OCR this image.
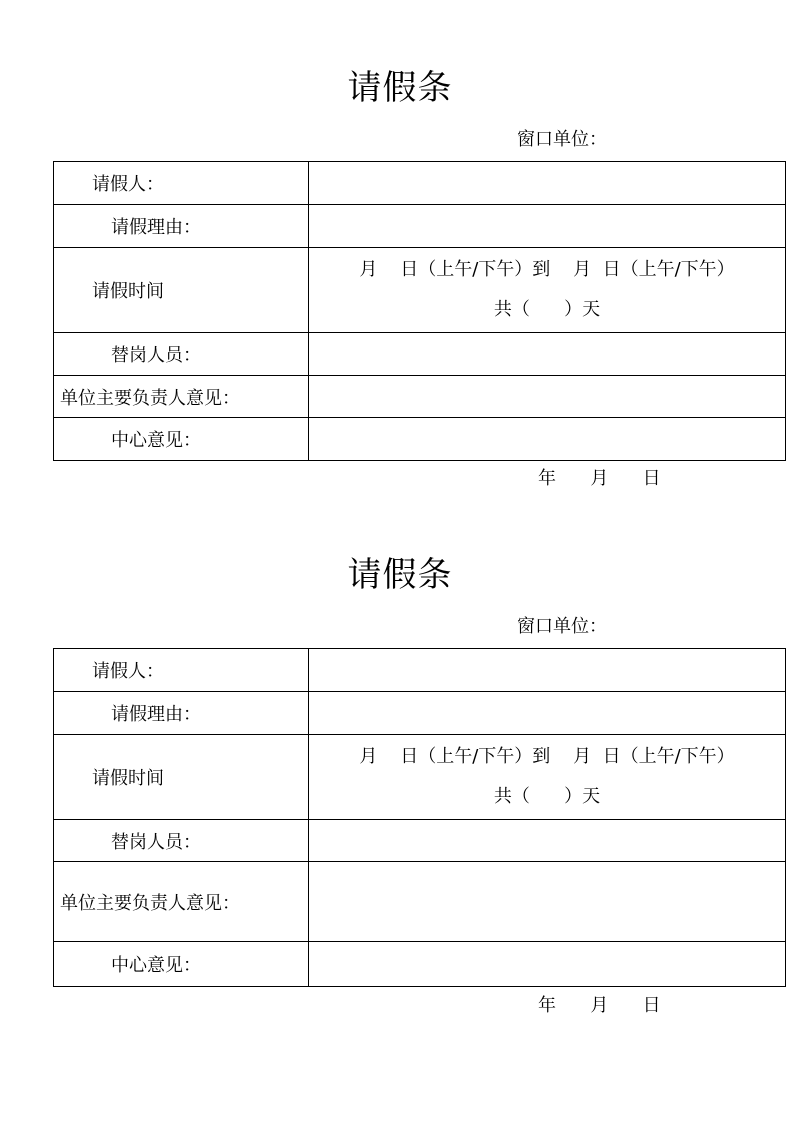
请假条
窗口单位：
请假人：	
请假理由：	
请假时间	月    日（上午/下午）到    月  日（上午/下午）
共（      ）天

替岗人员：	
单位主要负责人意见：	
中心意见：	
年      月      日
请假条
窗口单位：
请假人：	
请假理由：	
请假时间	月    日（上午/下午）到    月  日（上午/下午）
共（      ）天

替岗人员：	
单位主要负责人意见：	
中心意见：	
年      月      日
